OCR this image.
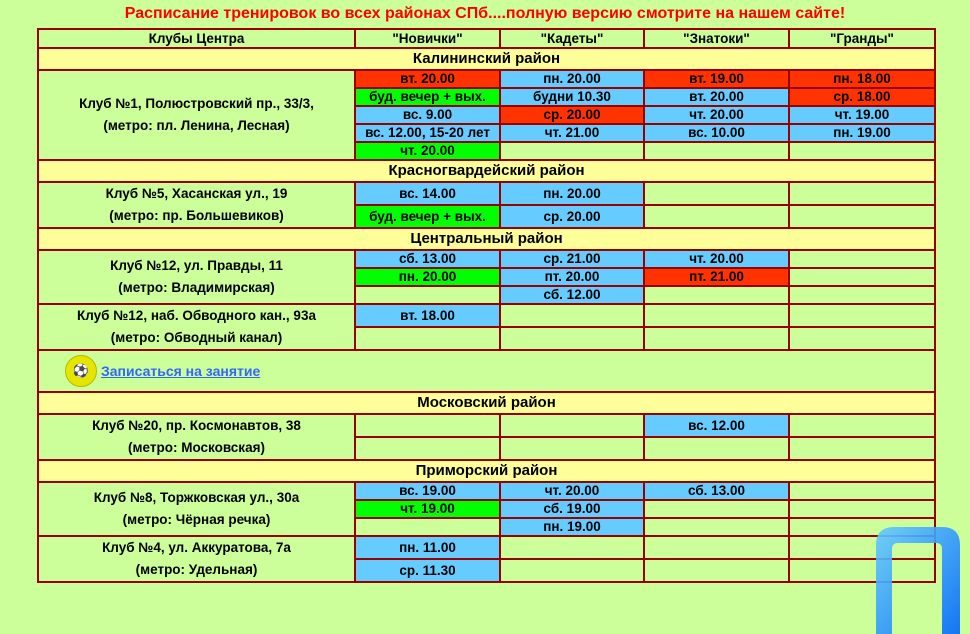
Расписание тренировок во всех районах СПб....полную версию смотрите на нашем сайте!
Клубы Центра	"Новички"	"Кадеты"	"Знатоки"	"Гранды"
Калининский район				
Клуб №1, Полюстровский пр., 33/3,
(метро: пл. Ленина, Лесная)	вт. 20.00	пн. 20.00	вт. 19.00	пн. 18.00
	буд. вечер + вых.	будни 10.30	вт. 20.00	ср. 18.00
	вс. 9.00	ср. 20.00	чт. 20.00	чт. 19.00
	вс. 12.00, 15-20 лет	чт. 21.00	вс. 10.00	пн. 19.00
	чт. 20.00			
Красногвардейский район				
Клуб №5, Хасанская ул., 19
(метро: пр. Большевиков)	вс. 14.00	пн. 20.00		
	буд. вечер + вых.	ср. 20.00		
Центральный район				
Клуб №12, ул. Правды, 11
(метро: Владимирская)	сб. 13.00	ср. 21.00	чт. 20.00	
	пн. 20.00	пт. 20.00	пт. 21.00	
		сб. 12.00		
Клуб №12, наб. Обводного кан., 93а
(метро: Обводный канал)	вт. 18.00			

⚽ Записаться на занятие				

Московский район				
Клуб №20, пр. Космонавтов, 38
(метро: Московская)			вс. 12.00	

Приморский район				
Клуб №8, Торжковская ул., 30а
(метро: Чёрная речка)	вс. 19.00	чт. 20.00	сб. 13.00	
	чт. 19.00	сб. 19.00		
		пн. 19.00		
Клуб №4, ул. Аккуратова, 7а
(метро: Удельная)	пн. 11.00			
	ср. 11.30			
